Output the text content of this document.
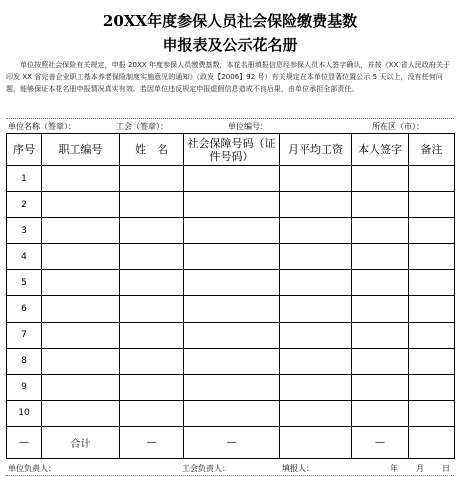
20XX年度参保人员社会保险缴费基数
申报表及公示花名册
单位按照社会保险有关规定，申报 20XX 年度参保人员缴费基数，本花名册填报信息经参保人员本人签字确认，并按《XX 省人民政府关于印发 XX 省完善企业职工基本养老保险制度实施意见的通知》（政发【2006】92 号）有关规定在本单位显著位置公示 5 天以上，没有任何问题，能够保证本花名册申报情况真实有效。若因单位违反规定申报虚假信息造成不良后果，由单位承担全部责任。
单位名称（签章）：	工会（签章）：	单位编号：	所在区（市）：
序号	职工编号	姓　名	社会保障号码（证件号码）	月平均工资	本人签字	备注
1						
2						
3						
4						
5						
6						
7						
8						
9						
10						
—	合计	—	—		—	
单位负责人：	工会负责人：	填报人：	年 月 日
